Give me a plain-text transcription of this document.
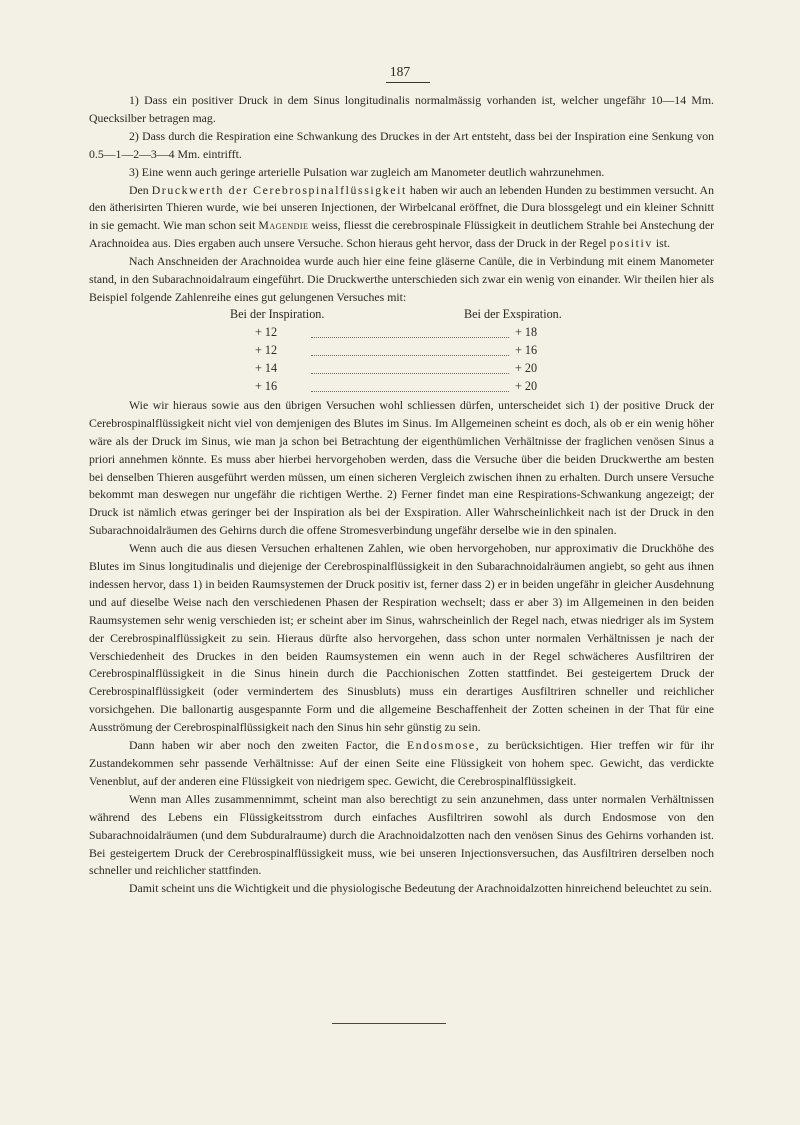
187

1) Dass ein positiver Druck in dem Sinus longitudinalis normalmässig vorhanden ist, welcher ungefähr 10—14 Mm. Quecksilber betragen mag.

2) Dass durch die Respiration eine Schwankung des Druckes in der Art entsteht, dass bei der Inspiration eine Senkung von 0.5—1—2—3—4 Mm. eintrifft.

3) Eine wenn auch geringe arterielle Pulsation war zugleich am Manometer deutlich wahrzunehmen.

Den Druckwerth der Cerebrospinalflüssigkeit haben wir auch an lebenden Hunden zu bestimmen versucht. An den ätherisirten Thieren wurde, wie bei unseren Injectionen, der Wirbelcanal eröffnet, die Dura blossgelegt und ein kleiner Schnitt in sie gemacht. Wie man schon seit Magendie weiss, fliesst die cerebrospinale Flüssigkeit in deutlichem Strahle bei Anstechung der Arachnoidea aus. Dies ergaben auch unsere Versuche. Schon hieraus geht hervor, dass der Druck in der Regel positiv ist.

Nach Anschneiden der Arachnoidea wurde auch hier eine feine gläserne Canüle, die in Verbindung mit einem Manometer stand, in den Subarachnoidalraum eingeführt. Die Druckwerthe unterschieden sich zwar ein wenig von einander. Wir theilen hier als Beispiel folgende Zahlenreihe eines gut gelungenen Versuches mit:

Bei der Inspiration.	Bei der Exspiration.
+ 12	+ 18
+ 12	+ 16
+ 14	+ 20
+ 16	+ 20

Wie wir hieraus sowie aus den übrigen Versuchen wohl schliessen dürfen, unterscheidet sich 1) der positive Druck der Cerebrospinalflüssigkeit nicht viel von demjenigen des Blutes im Sinus. Im Allgemeinen scheint es doch, als ob er ein wenig höher wäre als der Druck im Sinus, wie man ja schon bei Betrachtung der eigenthümlichen Verhältnisse der fraglichen venösen Sinus a priori annehmen könnte. Es muss aber hierbei hervorgehoben werden, dass die Versuche über die beiden Druckwerthe am besten bei denselben Thieren ausgeführt werden müssen, um einen sicheren Vergleich zwischen ihnen zu erhalten. Durch unsere Versuche bekommt man deswegen nur ungefähr die richtigen Werthe. 2) Ferner findet man eine Respirations-Schwankung angezeigt; der Druck ist nämlich etwas geringer bei der Inspiration als bei der Exspiration. Aller Wahrscheinlichkeit nach ist der Druck in den Subarachnoidalräumen des Gehirns durch die offene Stromesverbindung ungefähr derselbe wie in den spinalen.

Wenn auch die aus diesen Versuchen erhaltenen Zahlen, wie oben hervorgehoben, nur approximativ die Druckhöhe des Blutes im Sinus longitudinalis und diejenige der Cerebrospinalflüssigkeit in den Subarachnoidalräumen angiebt, so geht aus ihnen indessen hervor, dass 1) in beiden Raumsystemen der Druck positiv ist, ferner dass 2) er in beiden ungefähr in gleicher Ausdehnung und auf dieselbe Weise nach den verschiedenen Phasen der Respiration wechselt; dass er aber 3) im Allgemeinen in den beiden Raumsystemen sehr wenig verschieden ist; er scheint aber im Sinus, wahrscheinlich der Regel nach, etwas niedriger als im System der Cerebrospinalflüssigkeit zu sein. Hieraus dürfte also hervorgehen, dass schon unter normalen Verhältnissen je nach der Verschiedenheit des Druckes in den beiden Raumsystemen ein wenn auch in der Regel schwächeres Ausfiltriren der Cerebrospinalflüssigkeit in die Sinus hinein durch die Pacchionischen Zotten stattfindet. Bei gesteigertem Druck der Cerebrospinalflüssigkeit (oder vermindertem des Sinusbluts) muss ein derartiges Ausfiltriren schneller und reichlicher vorsichgehen. Die ballonartig ausgespannte Form und die allgemeine Beschaffenheit der Zotten scheinen in der That für eine Ausströmung der Cerebrospinalflüssigkeit nach den Sinus hin sehr günstig zu sein.

Dann haben wir aber noch den zweiten Factor, die Endosmose, zu berücksichtigen. Hier treffen wir für ihr Zustandekommen sehr passende Verhältnisse: Auf der einen Seite eine Flüssigkeit von hohem spec. Gewicht, das verdickte Venenblut, auf der anderen eine Flüssigkeit von niedrigem spec. Gewicht, die Cerebrospinalflüssigkeit.

Wenn man Alles zusammennimmt, scheint man also berechtigt zu sein anzunehmen, dass unter normalen Verhältnissen während des Lebens ein Flüssigkeitsstrom durch einfaches Ausfiltriren sowohl als durch Endosmose von den Subarachnoidalräumen (und dem Subduralraume) durch die Arachnoidalzotten nach den venösen Sinus des Gehirns vorhanden ist. Bei gesteigertem Druck der Cerebrospinalflüssigkeit muss, wie bei unseren Injectionsversuchen, das Ausfiltriren derselben noch schneller und reichlicher stattfinden.

Damit scheint uns die Wichtigkeit und die physiologische Bedeutung der Arachnoidalzotten hinreichend beleuchtet zu sein.
